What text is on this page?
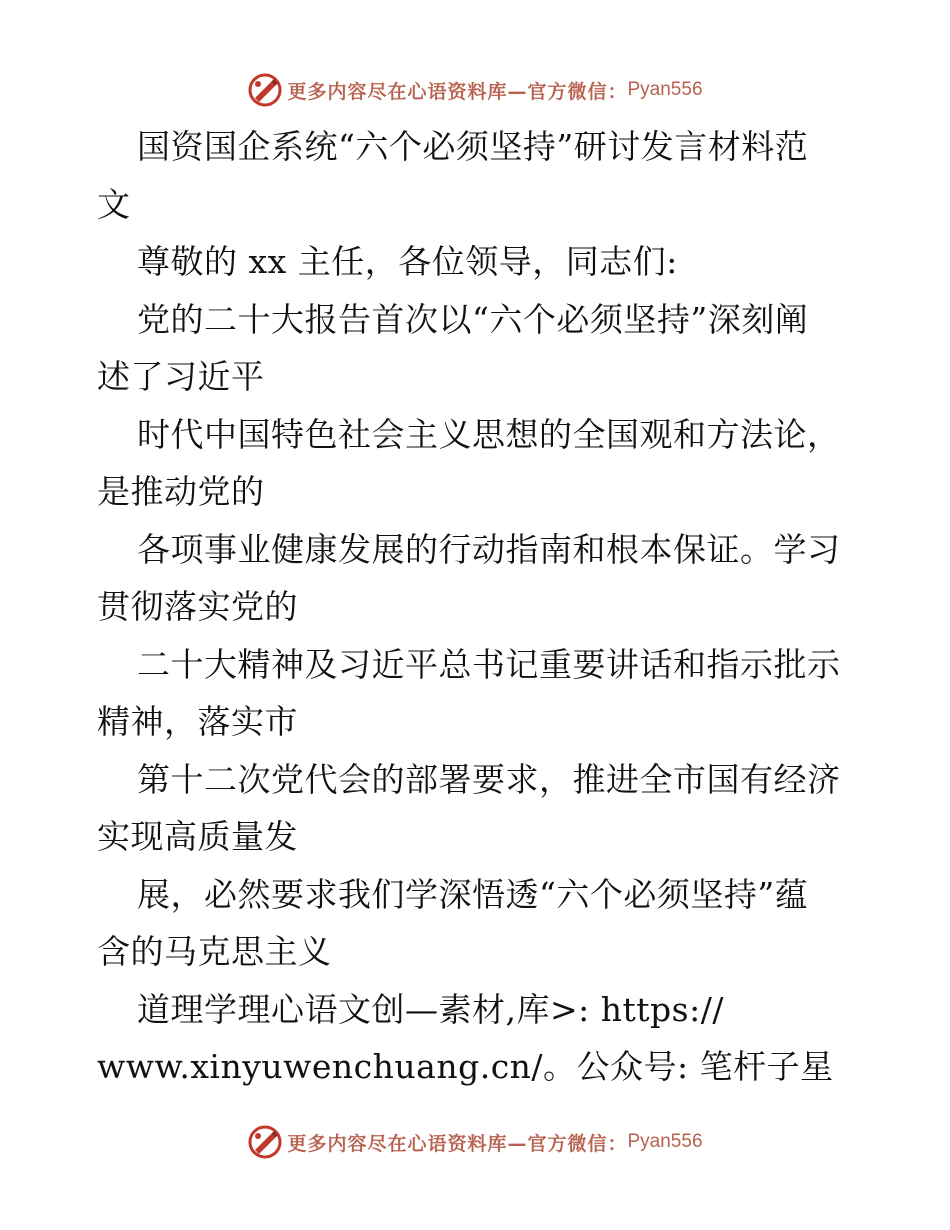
更多内容尽在心语资料库—官方微信： Pyan556

国资国企系统“六个必须坚持”研讨发言材料范

文

尊敬的 xx 主任，各位领导，同志们:

党的二十大报告首次以“六个必须坚持”深刻阐

述了习近平

时代中国特色社会主义思想的全国观和方法论，

是推动党的

各项事业健康发展的行动指南和根本保证。学习

贯彻落实党的

二十大精神及习近平总书记重要讲话和指示批示

精神，落实市

第十二次党代会的部署要求，推进全市国有经济

实现高质量发

展，必然要求我们学深悟透“六个必须坚持”蕴

含的马克思主义

道理学理心语文创—素材,库>: https://

www.xinyuwenchuang.cn/。公众号: 笔杆子星

更多内容尽在心语资料库—官方微信： Pyan556
